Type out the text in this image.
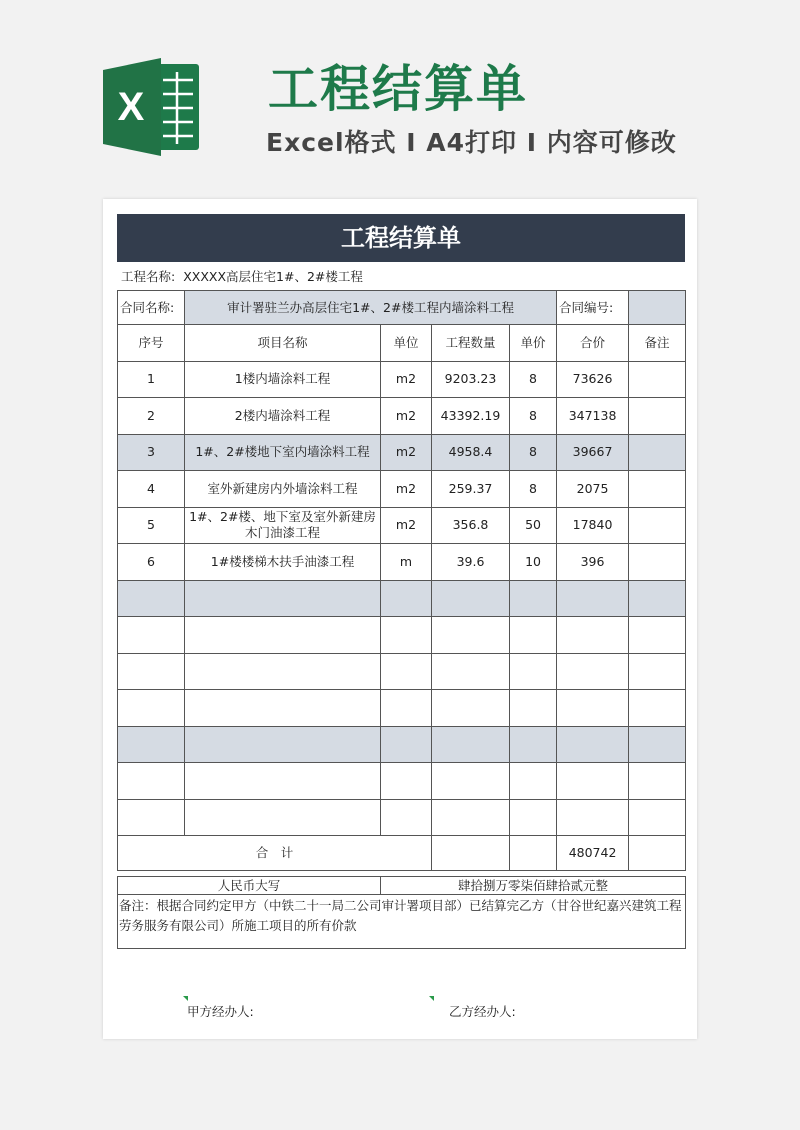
X 工程结算单
Excel格式 I A4打印 I 内容可修改
工程结算单
工程名称: XXXXX高层住宅1#、2#楼工程
合同名称:	审计署驻兰办高层住宅1#、2#楼工程内墙涂料工程				合同编号:	
序号	项目名称	单位	工程数量	单价	合价	备注
1	1楼内墙涂料工程	m2	9203.23	8	73626	
2	2楼内墙涂料工程	m2	43392.19	8	347138	
3	1#、2#楼地下室内墙涂料工程	m2	4958.4	8	39667	
4	室外新建房内外墙涂料工程	m2	259.37	8	2075	
5	1#、2#楼、地下室及室外新建房木门油漆工程	m2	356.8	50	17840	
6	1#楼楼梯木扶手油漆工程	m	39.6	10	396	

合　计					480742	
人民币大写	肆拾捌万零柒佰肆拾贰元整
备注：根据合同约定甲方（中铁二十一局二公司审计署项目部）已结算完乙方（甘谷世纪嘉兴建筑工程劳务服务有限公司）所施工项目的所有价款
甲方经办人:	乙方经办人:
